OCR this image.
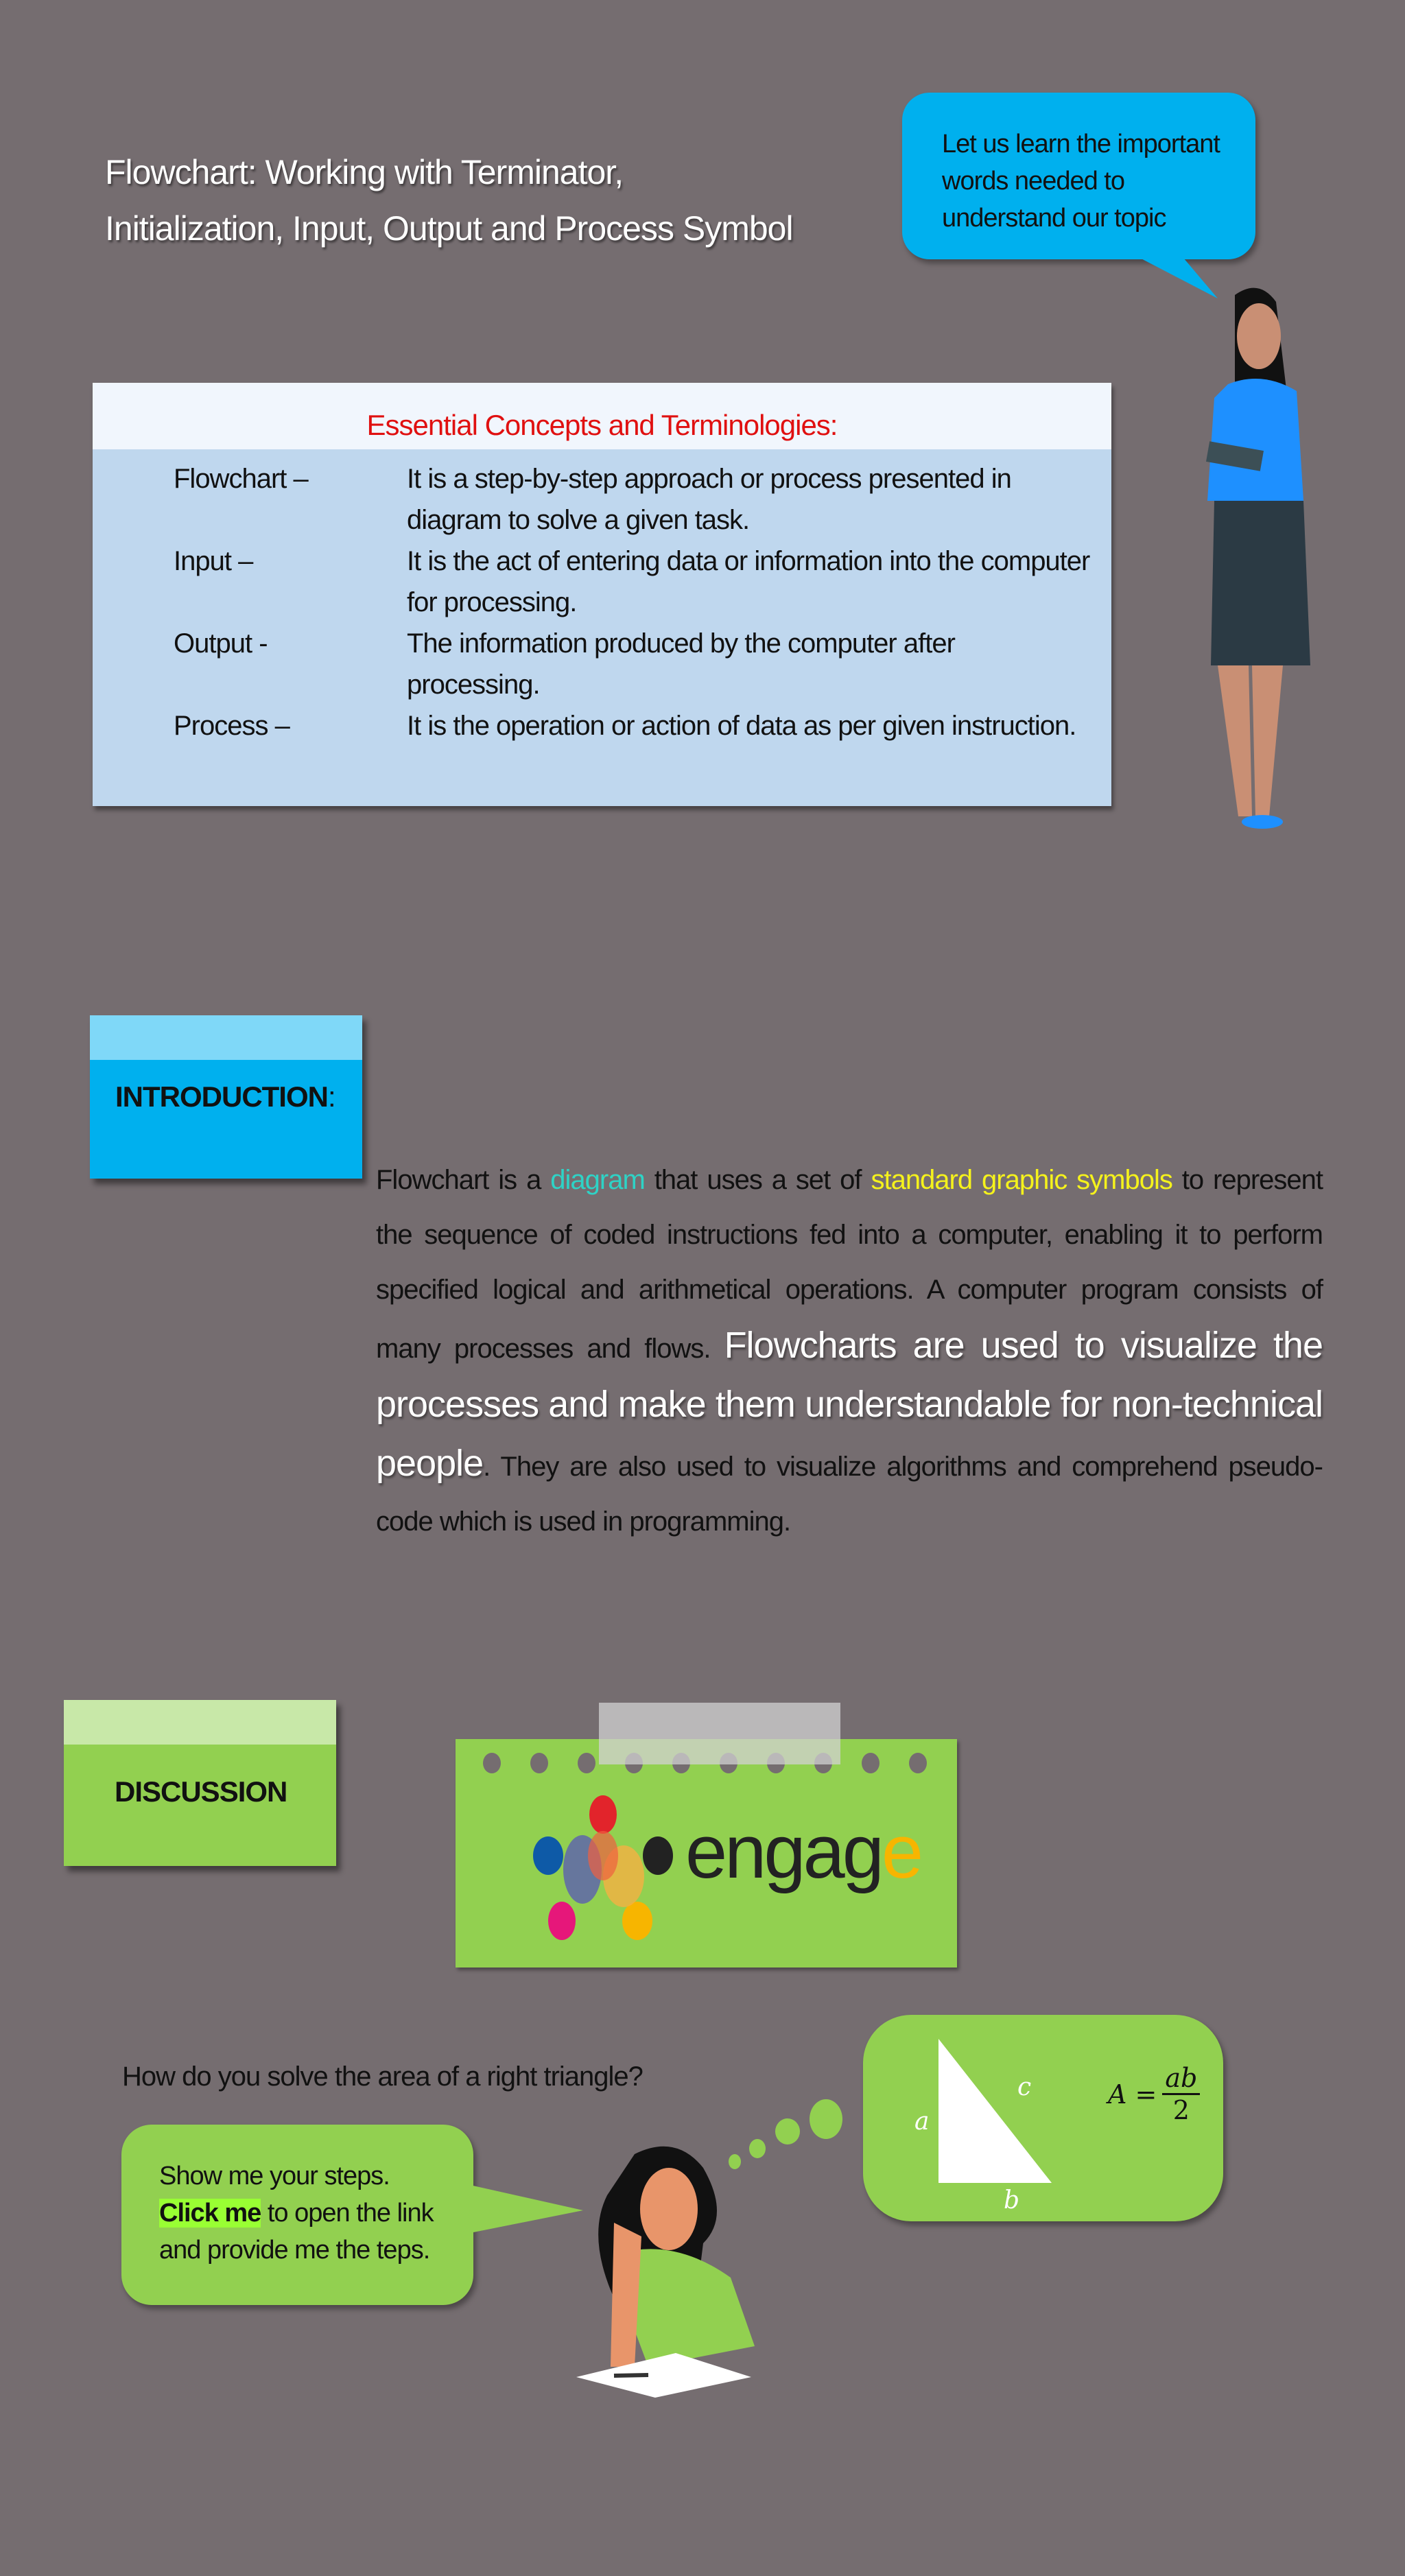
Flowchart: Working with Terminator,
Initialization, Input, Output and Process Symbol
Let us learn the important
words needed to
understand our topic
Essential Concepts and Terminologies:
Flowchart –	It is a step-by-step approach or process presented in diagram to solve a given task.
Input –	It is the act of entering data or information into the computer for processing.
Output -	The information produced by the computer after processing.
Process –	It is the operation or action of data as per given instruction.
INTRODUCTION:
Flowchart is a diagram that uses a set of standard graphic symbols to represent the sequence of coded instructions fed into a computer, enabling it to perform specified logical and arithmetical operations. A computer program consists of many processes and flows. Flowcharts are used to visualize the processes and make them understandable for non-technical people. They are also used to visualize algorithms and comprehend pseudo-code which is used in programming.
DISCUSSION
engage
How do you solve the area of a right triangle?
Show me your steps.
Click me to open the link
and provide me the teps.
a
c
b
$A = \frac{ab}{2}$
